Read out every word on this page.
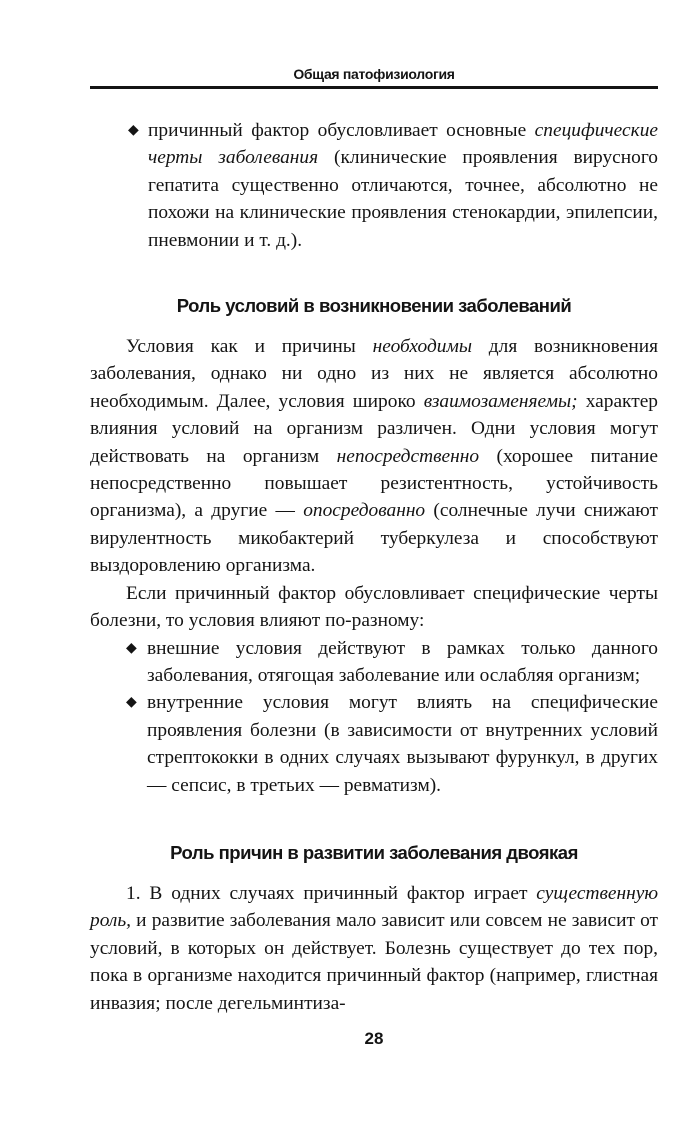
Общая патофизиология

◆ причинный фактор обусловливает основные специфические черты заболевания (клинические проявления вирусного гепатита существенно отличаются, точнее, абсолютно не похожи на клинические проявления стенокардии, эпилепсии, пневмонии и т. д.).

Роль условий в возникновении заболеваний

Условия как и причины необходимы для возникновения заболевания, однако ни одно из них не является абсолютно необходимым. Далее, условия широко взаимозаменяемы; характер влияния условий на организм различен. Одни условия могут действовать на организм непосредственно (хорошее питание непосредственно повышает резистентность, устойчивость организма), а другие — опосредованно (солнечные лучи снижают вирулентность микобактерий туберкулеза и способствуют выздоровлению организма.

Если причинный фактор обусловливает специфические черты болезни, то условия влияют по-разному:

◆ внешние условия действуют в рамках только данного заболевания, отягощая заболевание или ослабляя организм;

◆ внутренние условия могут влиять на специфические проявления болезни (в зависимости от внутренних условий стрептококки в одних случаях вызывают фурункул, в других — сепсис, в третьих — ревматизм).

Роль причин в развитии заболевания двоякая

1. В одних случаях причинный фактор играет существенную роль, и развитие заболевания мало зависит или совсем не зависит от условий, в которых он действует. Болезнь существует до тех пор, пока в организме находится причинный фактор (например, глистная инвазия; после дегельминтиза-

28
